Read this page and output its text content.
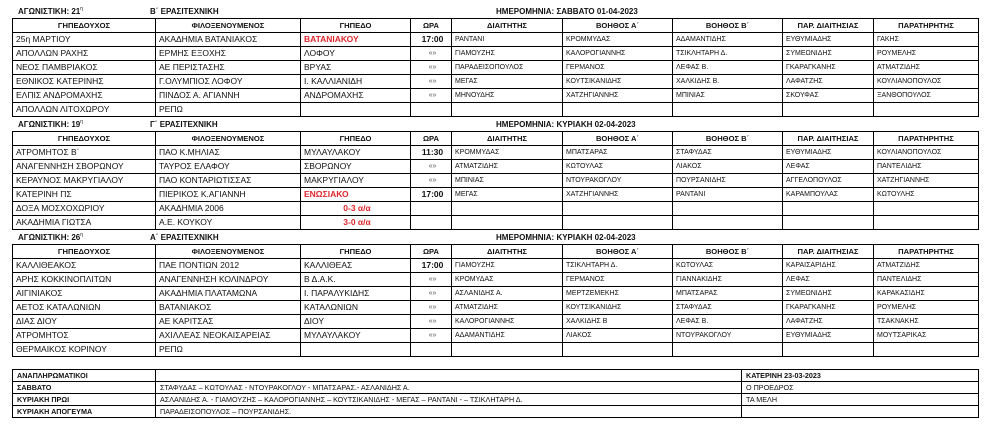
ΑΓΩΝΙΣΤΙΚΗ: $21^\eta$	Β΄ ΕΡΑΣΙΤΕΧΝΙΚΗ	ΗΜΕΡΟΜΗΝΙΑ: ΣΑΒΒΑΤΟ 01-04-2023
ΓΗΠΕΔΟΥΧΟΣ	ΦΙΛΟΞΕΝΟΥΜΕΝΟΣ	ΓΗΠΕΔΟ	ΩΡΑ	ΔΙΑΙΤΗΤΗΣ	ΒΟΗΘΟΣ Α΄	ΒΟΗΘΟΣ Β΄	ΠΑΡ. ΔΙΑΙΤΗΣΙΑΣ	ΠΑΡΑΤΗΡΗΤΗΣ
25η ΜΑΡΤΙΟΥ	ΑΚΑΔΗΜΙΑ ΒΑΤΑΝΙΑΚΟΣ	ΒΑΤΑΝΙΑΚΟΥ	17:00	ΡΑΝΤΑΝΙ	ΚΡΟΜΜΥΔΑΣ	ΑΔΑΜΑΝΤΙΔΗΣ	ΕΥΘΥΜΙΑΔΗΣ	ΓΑΚΗΣ
ΑΠΟΛΛΩΝ ΡΑΧΗΣ	ΕΡΜΗΣ ΕΞΟΧΗΣ	ΛΟΦΟΥ	«»	ΓΙΑΜΟΥΖΗΣ	ΚΑΛΟΡΟΓΙΑΝΝΗΣ	ΤΣΙΚΛΗΤΑΡΗ Δ.	ΣΥΜΕΩΝΙΔΗΣ	ΡΟΥΜΕΛΗΣ
ΝΕΟΣ ΠΑΜΒΡΙΑΚΟΣ	ΑΕ ΠΕΡΙΣΤΑΣΗΣ	ΒΡΥΑΣ	«»	ΠΑΡΑΔΕΙΣΟΠΟΥΛΟΣ	ΓΕΡΜΑΝΟΣ	ΛΕΦΑΣ Β.	ΓΚΑΡΑΓΚΑΝΗΣ	ΑΤΜΑΤΖΙΔΗΣ
ΕΘΝΙΚΟΣ ΚΑΤΕΡΙΝΗΣ	Γ.ΟΛΥΜΠΙΟΣ ΛΟΦΟΥ	Ι. ΚΑΛΛΙΑΝΙΔΗ	«»	ΜΕΓΑΣ	ΚΟΥΤΣΙΚΑΝΙΔΗΣ	ΧΑΛΚΙΔΗΣ Β.	ΛΑΦΑΤΖΗΣ	ΚΟΥΛΙΑΝΟΠΟΥΛΟΣ
ΕΛΠΙΣ ΑΝΔΡΟΜΑΧΗΣ	ΠΙΝΔΟΣ Α. ΑΓΙΑΝΝΗ	ΑΝΔΡΟΜΑΧΗΣ	«»	ΜΗΝΟΥΔΗΣ	ΧΑΤΖΗΓΙΑΝΝΗΣ	ΜΠΙΝΙΑΣ	ΣΚΟΥΦΑΣ	ΞΑΝΘΟΠΟΥΛΟΣ
ΑΠΟΛΛΩΝ ΛΙΤΟΧΩΡΟΥ	ΡΕΠΩ							
ΑΓΩΝΙΣΤΙΚΗ: $19^\eta$	Γ΄ ΕΡΑΣΙΤΕΧΝΙΚΗ	ΗΜΕΡΟΜΗΝΙΑ: ΚΥΡΙΑΚΗ 02-04-2023
ΓΗΠΕΔΟΥΧΟΣ	ΦΙΛΟΞΕΝΟΥΜΕΝΟΣ	ΓΗΠΕΔΟ	ΩΡΑ	ΔΙΑΙΤΗΤΗΣ	ΒΟΗΘΟΣ Α΄	ΒΟΗΘΟΣ Β΄	ΠΑΡ. ΔΙΑΙΤΗΣΙΑΣ	ΠΑΡΑΤΗΡΗΤΗΣ
ΑΤΡΟΜΗΤΟΣ Β΄	ΠΑΟ Κ.ΜΗΛΙΑΣ	ΜΥΛΑΥΛΑΚΟΥ	11:30	ΚΡΟΜΜΥΔΑΣ	ΜΠΑΤΣΑΡΑΣ	ΣΤΑΦΥΔΑΣ	ΕΥΘΥΜΙΑΔΗΣ	ΚΟΥΛΙΑΝΟΠΟΥΛΟΣ
ΑΝΑΓΕΝΝΗΣΗ ΣΒΟΡΩΝΟΥ	ΤΑΥΡΟΣ ΕΛΑΦΟΥ	ΣΒΟΡΩΝΟΥ	«»	ΑΤΜΑΤΖΙΔΗΣ	ΚΩΤΟΥΛΑΣ	ΛΙΑΚΟΣ	ΛΕΦΑΣ	ΠΑΝΤΕΛΙΔΗΣ
ΚΕΡΑΥΝΟΣ ΜΑΚΡΥΓΙΑΛΟΥ	ΠΑΟ ΚΟΝΤΑΡΙΩΤΙΣΣΑΣ	ΜΑΚΡΥΓΙΑΛΟΥ	«»	ΜΠΙΝΙΑΣ	ΝΤΟΥΡΑΚΟΓΛΟΥ	ΠΟΥΡΣΑΝΙΔΗΣ	ΑΓΓΕΛΟΠΟΥΛΟΣ	ΧΑΤΖΗΓΙΑΝΝΗΣ
ΚΑΤΕΡΙΝΗ ΠΣ	ΠΙΕΡΙΚΟΣ Κ.ΑΓΙΑΝΝΗ	ΕΝΩΣΙΑΚΟ	17:00	ΜΕΓΑΣ	ΧΑΤΖΗΓΙΑΝΝΗΣ	ΡΑΝΤΑΝΙ	ΚΑΡΑΜΠΟΥΛΑΣ	ΚΩΤΟΥΛΗΣ
ΔΟΞΑ ΜΟΣΧΟΧΩΡΙΟΥ	ΑΚΑΔΗΜΙΑ 2006	0-3 α/α						
ΑΚΑΔΗΜΙΑ ΓΙΩΤΣΑ	Α.Ε. ΚΟΥΚΟΥ	3-0 α/α						
ΑΓΩΝΙΣΤΙΚΗ: $26^\eta$	Α΄ ΕΡΑΣΙΤΕΧΝΙΚΗ	ΗΜΕΡΟΜΗΝΙΑ: ΚΥΡΙΑΚΗ 02-04-2023
ΓΗΠΕΔΟΥΧΟΣ	ΦΙΛΟΞΕΝΟΥΜΕΝΟΣ	ΓΗΠΕΔΟ	ΩΡΑ	ΔΙΑΙΤΗΤΗΣ	ΒΟΗΘΟΣ Α΄	ΒΟΗΘΟΣ Β΄	ΠΑΡ. ΔΙΑΙΤΗΣΙΑΣ	ΠΑΡΑΤΗΡΗΤΗΣ
ΚΑΛΛΙΘΕΑΚΟΣ	ΠΑΕ ΠΟΝΤΙΩΝ 2012	ΚΑΛΛΙΘΕΑΣ	17:00	ΓΙΑΜΟΥΖΗΣ	ΤΣΙΚΛΗΤΑΡΗ Δ.	ΚΩΤΟΥΛΑΣ	ΚΑΡΑΙΣΑΡΙΔΗΣ	ΑΤΜΑΤΖΙΔΗΣ
ΑΡΗΣ ΚΟΚΚΙΝΟΠΛΙΤΩΝ	ΑΝΑΓΕΝΝΗΣΗ ΚΟΛΙΝΔΡΟΥ	Β Δ.Α.Κ.	«»	ΚΡΟΜΥΔΑΣ	ΓΕΡΜΑΝΟΣ	ΓΙΑΝΝΑΚΙΔΗΣ	ΛΕΦΑΣ	ΠΑΝΤΕΛΙΔΗΣ
ΑΙΓΙΝΙΑΚΟΣ	ΑΚΑΔΗΜΙΑ ΠΛΑΤΑΜΩΝΑ	Ι. ΠΑΡΑΛΥΚΙΔΗΣ	«»	ΑΣΛΑΝΙΔΗΣ Α.	ΜΕΡΤΖΕΜΕΚΗΣ	ΜΠΑΤΣΑΡΑΣ	ΣΥΜΕΩΝΙΔΗΣ	ΚΑΡΑΚΑΣΙΔΗΣ
ΑΕΤΟΣ ΚΑΤΑΛΩΝΙΩΝ	ΒΑΤΑΝΙΑΚΟΣ	ΚΑΤΑΛΩΝΙΩΝ	«»	ΑΤΜΑΤΖΙΔΗΣ	ΚΟΥΤΣΙΚΑΝΙΔΗΣ	ΣΤΑΦΥΔΑΣ	ΓΚΑΡΑΓΚΑΝΗΣ	ΡΟΥΜΕΛΗΣ
ΔΙΑΣ ΔΙΟΥ	ΑΕ ΚΑΡΙΤΣΑΣ	ΔΙΟΥ	«»	ΚΑΛΟΡΟΓΙΑΝΝΗΣ	ΧΑΛΚΙΔΗΣ Β	ΛΕΦΑΣ Β.	ΛΑΦΑΤΖΗΣ	ΤΣΑΚΝΑΚΗΣ
ΑΤΡΟΜΗΤΟΣ	ΑΧΙΛΛΕΑΣ ΝΕΟΚΑΙΣΑΡΕΙΑΣ	ΜΥΛΑΥΛΑΚΟΥ	«»	ΑΔΑΜΑΝΤΙΔΗΣ	ΛΙΑΚΟΣ	ΝΤΟΥΡΑΚΟΓΛΟΥ	ΕΥΘΥΜΙΑΔΗΣ	ΜΟΥΤΣΑΡΙΚΑΣ
ΘΕΡΜΑΙΚΟΣ ΚΟΡΙΝΟΥ	ΡΕΠΩ							
ΑΝΑΠΛΗΡΩΜΑΤΙΚΟΙ		ΚΑΤΕΡΙΝΗ 23-03-2023
ΣΑΒΒΑΤΟ	ΣΤΑΦΥΔΑΣ – ΚΩΤΟΥΛΑΣ - ΝΤΟΥΡΑΚΟΓΛΟΥ - ΜΠΑΤΣΑΡΑΣ.- ΑΣΛΑΝΙΔΗΣ Α.	Ο ΠΡΟΕΔΡΟΣ
ΚΥΡΙΑΚΗ ΠΡΩΙ	ΑΣΛΑΝΙΔΗΣ Α. - ΓΙΑΜΟΥΖΗΣ – ΚΑΛΟΡΟΓΙΑΝΝΗΣ – ΚΟΥΤΣΙΚΑΝΙΔΗΣ - ΜΕΓΑΣ – ΡΑΝΤΑΝΙ - – ΤΣΙΚΛΗΤΑΡΗ Δ.	ΤΑ ΜΕΛΗ
ΚΥΡΙΑΚΗ ΑΠΟΓΕΥΜΑ	ΠΑΡΑΔΕΙΣΟΠΟΥΛΟΣ – ΠΟΥΡΣΑΝΙΔΗΣ.	
